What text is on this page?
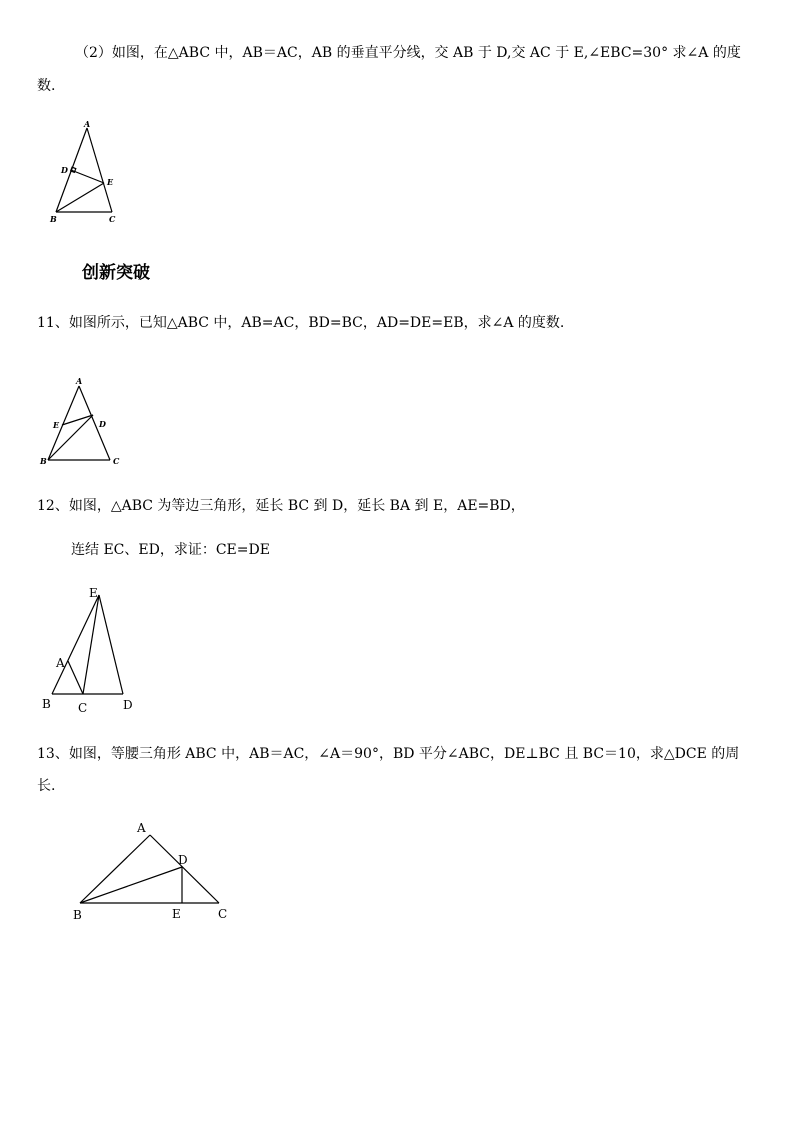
（2）如图，在△ABC 中，AB＝AC，AB 的垂直平分线，交 AB 于 D,交 AC 于 E,∠EBC=30° 求∠A 的度
数.
A
D
E
B	C
创新突破
11、如图所示，已知△ABC 中，AB=AC，BD=BC，AD=DE=EB，求∠A 的度数.
A
E	D
B	C
12、如图，△ABC 为等边三角形，延长 BC 到 D，延长 BA 到 E，AE=BD，
连结 EC、ED，求证：CE=DE
E
A
B C	D
13、如图，等腰三角形 ABC 中，AB＝AC，∠A＝90°，BD 平分∠ABC，DE⊥BC 且 BC＝10，求△DCE 的周
长.
A
D
B	E	C
